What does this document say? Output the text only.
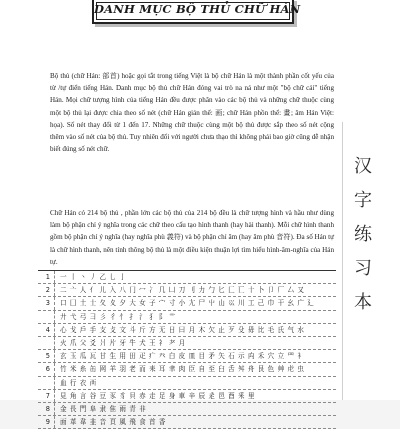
DANH MỤC BỘ THỦ CHỮ HÁN

Bộ thủ (chữ Hán: 部首) hoặc gọi tắt trong tiếng Việt là bộ chữ Hán là một thành phần cốt yếu của từ /tự điển tiếng Hán. Danh mục bộ thủ chữ Hán đóng vai trò na ná như một "bộ chữ cái" tiếng Hán. Mọi chữ tượng hình của tiếng Hán đều được phân vào các bộ thủ và những chữ thuộc cùng một bộ thủ lại được chia theo số nét (chữ Hán giản thể: 画; chữ Hán phồn thể: 畫; âm Hán Việt: họa). Số nét thay đổi từ 1 đến 17. Những chữ thuộc cùng một bộ thủ được sắp theo số nét cộng thêm vào số nét của bộ thủ. Tuy nhiên đối với người chưa thạo thì không phải bao giờ cũng dễ nhận biết đúng số nét chữ.

Chữ Hán có 214 bộ thủ , phần lớn các bộ thủ của 214 bộ đều là chữ tượng hình và hầu như dùng làm bộ phận chỉ ý nghĩa trong các chữ theo cấu tạo hình thanh (hay hài thanh). Mỗi chữ hình thanh gồm bộ phận chỉ ý nghĩa (hay nghĩa phù 義符) và bộ phận chỉ âm (hay âm phù 音符). Đa số Hán tự là chữ hình thanh, nên tính thông bộ thủ là một điều kiện thuận lợi tìm hiểu hình-âm-nghĩa của Hán tự.

汉
字
练
习
本
1 一 丨 丶 丿 乙 乚 亅
2 二 亠 人 亻 儿 入 八 冂 冖 冫 几 凵 刀 刂 力 勹 匕 匚 匸 十 卜 卩 厂 厶 又
3 口 囗 土 士 夂 夊 夕 大 女 子 宀 寸 小 尢 尸 屮 山 巛 川 工 己 巾 干 幺 广 廴
廾 弋 弓 彐 彡 彳 忄 扌 氵 犭 阝 艹
4 心 戈 戶 手 支 攴 文 斗 斤 方 无 日 曰 月 木 欠 止 歹 殳 毋 比 毛 氏 气 水
火 爪 父 爻 爿 片 牙 牛 犬 王 礻 耂 月
5 玄 玉 瓜 瓦 甘 生 用 田 疋 疒 癶 白 皮 皿 目 矛 矢 石 示 禸 禾 穴 立 罒 衤
6 竹 米 糸 缶 网 羊 羽 老 而 耒 耳 聿 肉 臣 自 至 臼 舌 舛 舟 艮 色 艸 虍 虫
血 行 衣 襾
7 見 角 言 谷 豆 豕 豸 貝 赤 走 足 身 車 辛 辰 辵 邑 酉 釆 里
8 金 長 門 阜 隶 隹 雨 青 非
9 面 革 韋 韭 音 頁 風 飛 食 首 香
